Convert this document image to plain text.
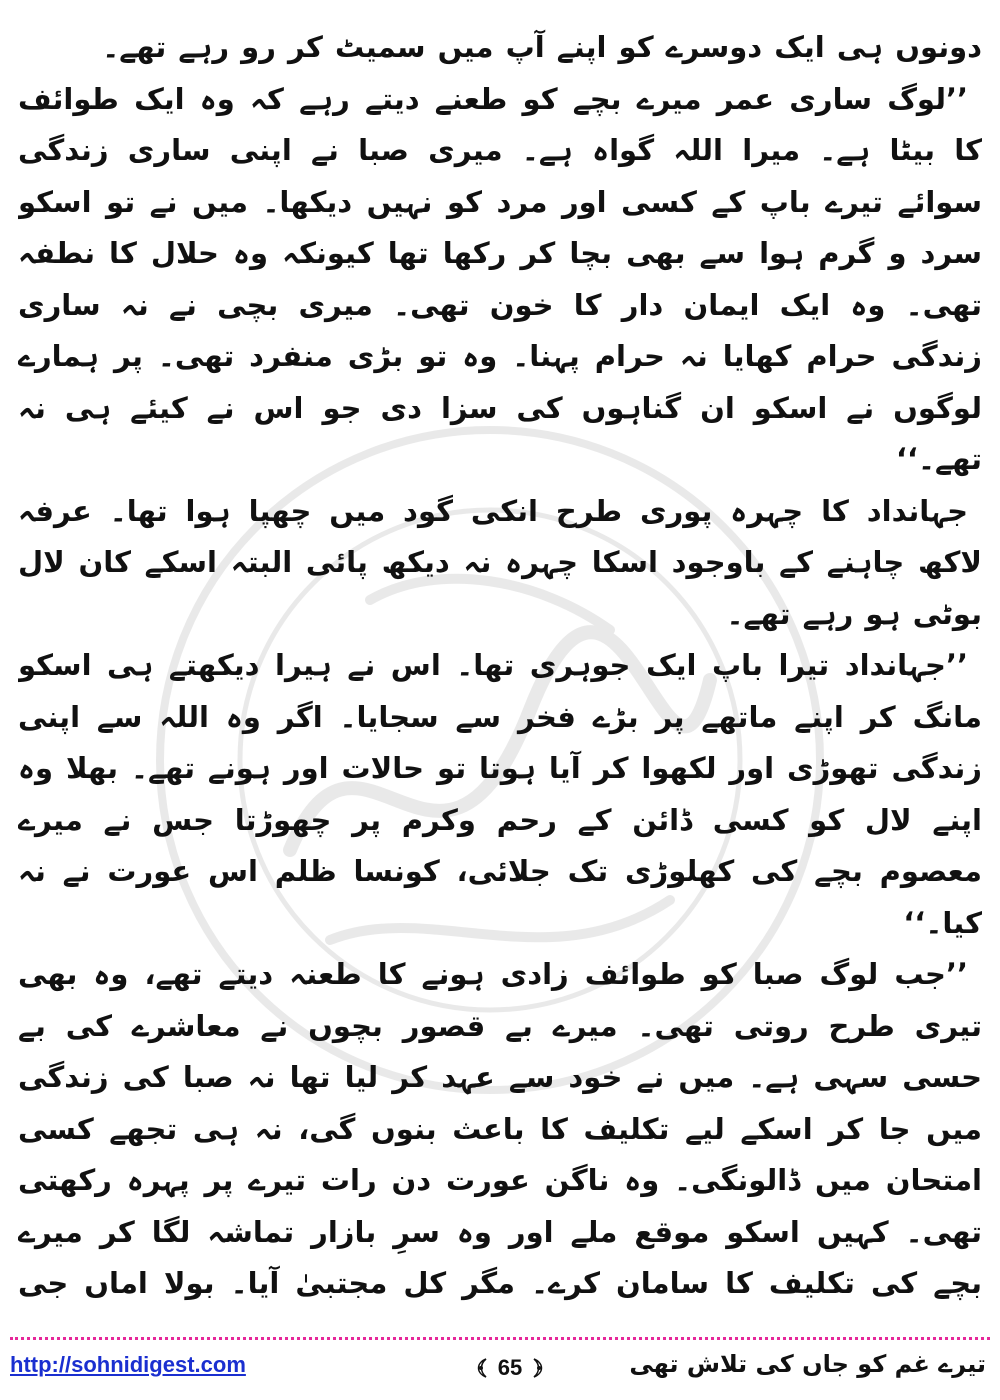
دونوں ہی ایک دوسرے کو اپنے آپ میں سمیٹ کر رو رہے تھے۔

’’لوگ ساری عمر میرے بچے کو طعنے دیتے رہے کہ وہ ایک طوائف کا بیٹا ہے۔ میرا اللہ گواہ ہے۔ میری صبا نے اپنی ساری زندگی سوائے تیرے باپ کے کسی اور مرد کو نہیں دیکھا۔ میں نے تو اسکو سرد و گرم ہوا سے بھی بچا کر رکھا تھا کیونکہ وہ حلال کا نطفہ تھی۔ وہ ایک ایمان دار کا خون تھی۔ میری بچی نے نہ ساری زندگی حرام کھایا نہ حرام پہنا۔ وہ تو بڑی منفرد تھی۔ پر ہمارے لوگوں نے اسکو ان گناہوں کی سزا دی جو اس نے کیئے ہی نہ تھے۔‘‘

جہانداد کا چہرہ پوری طرح انکی گود میں چھپا ہوا تھا۔ عرفہ لاکھ چاہنے کے باوجود اسکا چہرہ نہ دیکھ پائی البتہ اسکے کان لال بوٹی ہو رہے تھے۔

’’جہانداد تیرا باپ ایک جوہری تھا۔ اس نے ہیرا دیکھتے ہی اسکو مانگ کر اپنے ماتھے پر بڑے فخر سے سجایا۔ اگر وہ اللہ سے اپنی زندگی تھوڑی اور لکھوا کر آیا ہوتا تو حالات اور ہونے تھے۔ بھلا وہ اپنے لال کو کسی ڈائن کے رحم وکرم پر چھوڑتا جس نے میرے معصوم بچے کی کھلوڑی تک جلائی، کونسا ظلم اس عورت نے نہ کیا۔‘‘

’’جب لوگ صبا کو طوائف زادی ہونے کا طعنہ دیتے تھے، وہ بھی تیری طرح روتی تھی۔ میرے بے قصور بچوں نے معاشرے کی بے حسی سہی ہے۔ میں نے خود سے عہد کر لیا تھا نہ صبا کی زندگی میں جا کر اسکے لیے تکلیف کا باعث بنوں گی، نہ ہی تجھے کسی امتحان میں ڈالونگی۔ وہ ناگن عورت دن رات تیرے پر پہرہ رکھتی تھی۔ کہیں اسکو موقع ملے اور وہ سرِ بازار تماشہ لگا کر میرے بچے کی تکلیف کا سامان کرے۔ مگر کل مجتبیٰ آیا۔ بولا اماں جی

http://sohnidigest.com	65	تیرے غم کو جاں کی تلاش تھی
